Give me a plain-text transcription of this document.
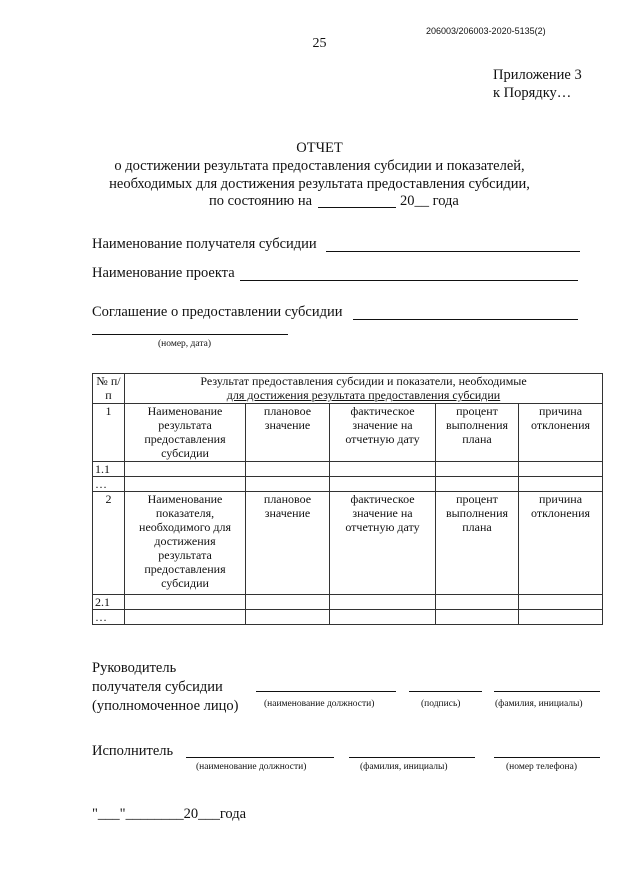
206003/206003-2020-5135(2)
25
Приложение 3
к Порядку…
ОТЧЕТ
о достижении результата предоставления субсидии и показателей,
необходимых для достижения результата предоставления субсидии,
по состоянию на	20__ года
Наименование получателя субсидии
Наименование проекта
Соглашение о предоставлении субсидии
(номер, дата)
№ п/п	Результат предоставления субсидии и показатели, необходимые
для достижения результата предоставления субсидии				

1	Наименование результата предоставления субсидии	плановое значение	фактическое значение на отчетную дату	процент выполнения плана	причина отклонения
1.1					
…					
2	Наименование показателя, необходимого для достижения результата предоставления субсидии	плановое значение	фактическое значение на отчетную дату	процент выполнения плана	причина отклонения
2.1					
…					
Руководитель
получателя субсидии
(уполномоченное лицо)	(наименование должности)	(подпись)	(фамилия, инициалы)
Исполнитель
(наименование должности)	(фамилия, инициалы)	(номер телефона)
"___"________20___года
